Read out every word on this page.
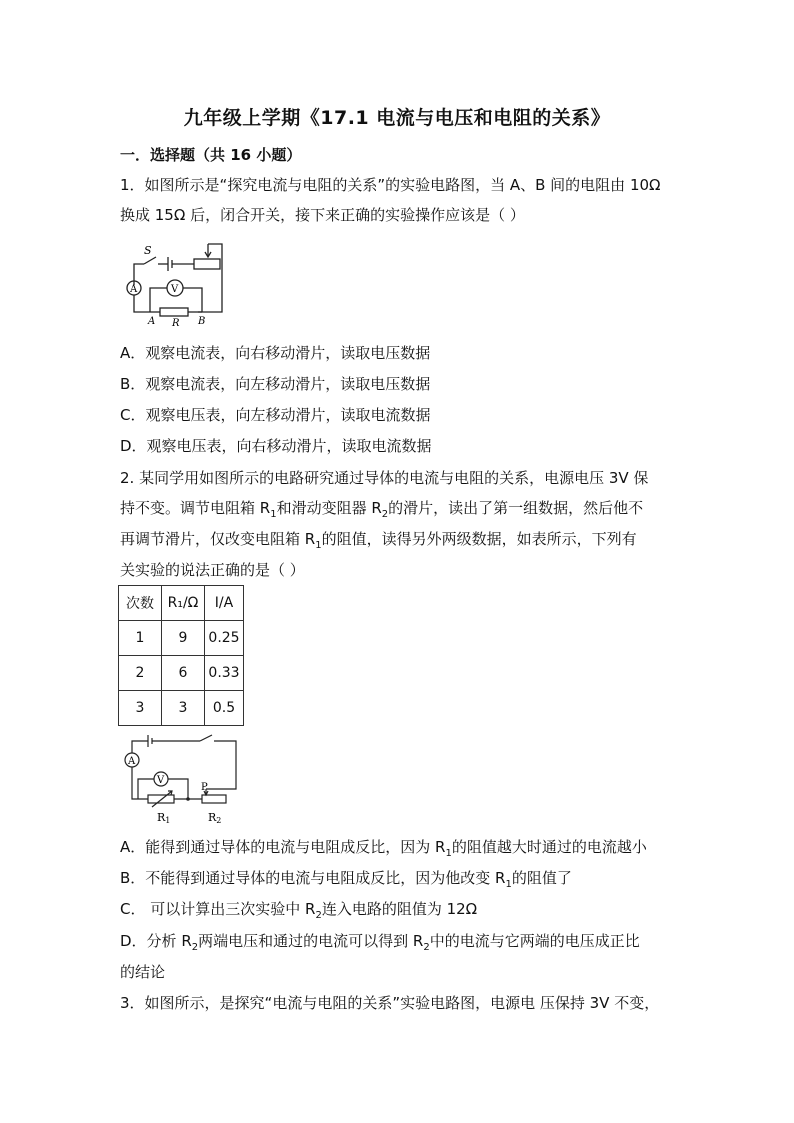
九年级上学期《17.1 电流与电压和电阻的关系》
一．选择题（共 16 小题）
1．如图所示是“探究电流与电阻的关系”的实验电路图，当 A、B 间的电阻由 10Ω
换成 15Ω 后，闭合开关，接下来正确的实验操作应该是（ ）
S
A	V
A R B
A．观察电流表，向右移动滑片，读取电压数据
B．观察电流表，向左移动滑片，读取电压数据
C．观察电压表，向左移动滑片，读取电流数据
D．观察电压表，向右移动滑片，读取电流数据
2. 某同学用如图所示的电路研究通过导体的电流与电阻的关系，电源电压 3V 保
持不变。调节电阻箱 $R_1$和滑动变阻器 $R_2$的滑片，读出了第一组数据，然后他不
再调节滑片，仅改变电阻箱 $R_1$的阻值，读得另外两级数据，如表所示，下列有
关实验的说法正确的是（ ）
次数	R₁/Ω	I/A
1	9	0.25
2	6	0.33
3	3	0.5
A
V
P
R1	R2
A．能得到通过导体的电流与电阻成反比，因为 $R_1$的阻值越大时通过的电流越小
B．不能得到通过导体的电流与电阻成反比，因为他改变 $R_1$的阻值了
C． 可以计算出三次实验中 $R_2$连入电路的阻值为 12Ω
D．分析 $R_2$两端电压和通过的电流可以得到 $R_2$中的电流与它两端的电压成正比
的结论
3．如图所示，是探究“电流与电阻的关系”实验电路图，电源电 压保持 3V 不变，
